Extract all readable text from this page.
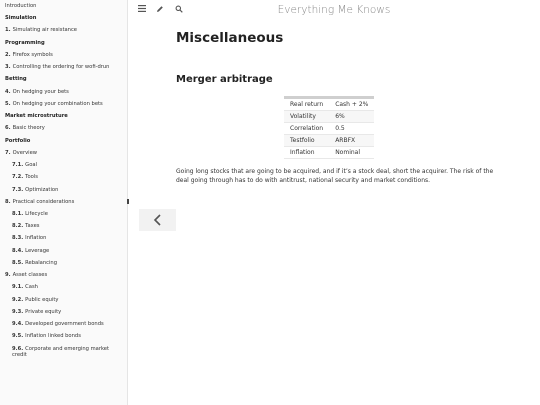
Introduction
Simulation
1. Simulating air resistance
Programming
2. Firefox symbols
3. Controlling the ordering for wofi-drun
Betting
4. On hedging your bets
5. On hedging your combination bets
Market microstruture
6. Basic theory
Portfolio
7. Overview
7.1. Goal
7.2. Tools
7.3. Optimization
8. Practical considerations
8.1. Lifecycle
8.2. Taxes
8.3. Inflation
8.4. Leverage
8.5. Rebalancing
9. Asset classes
9.1. Cash
9.2. Public equity
9.3. Private equity
9.4. Developed government bonds
9.5. Inflation linked bonds
9.6. Corporate and emerging market credit
Everything Me Knows
Miscellaneous
Merger arbitrage
Real return	Cash + 2%
Volatility	6%
Correlation	0.5
Testfolio	ARBFX
Inflation	Nominal

Going long stocks that are going to be acquired, and if it’s a stock deal, short the acquirer. The risk of the deal going through has to do with antitrust, national security and market conditions.
